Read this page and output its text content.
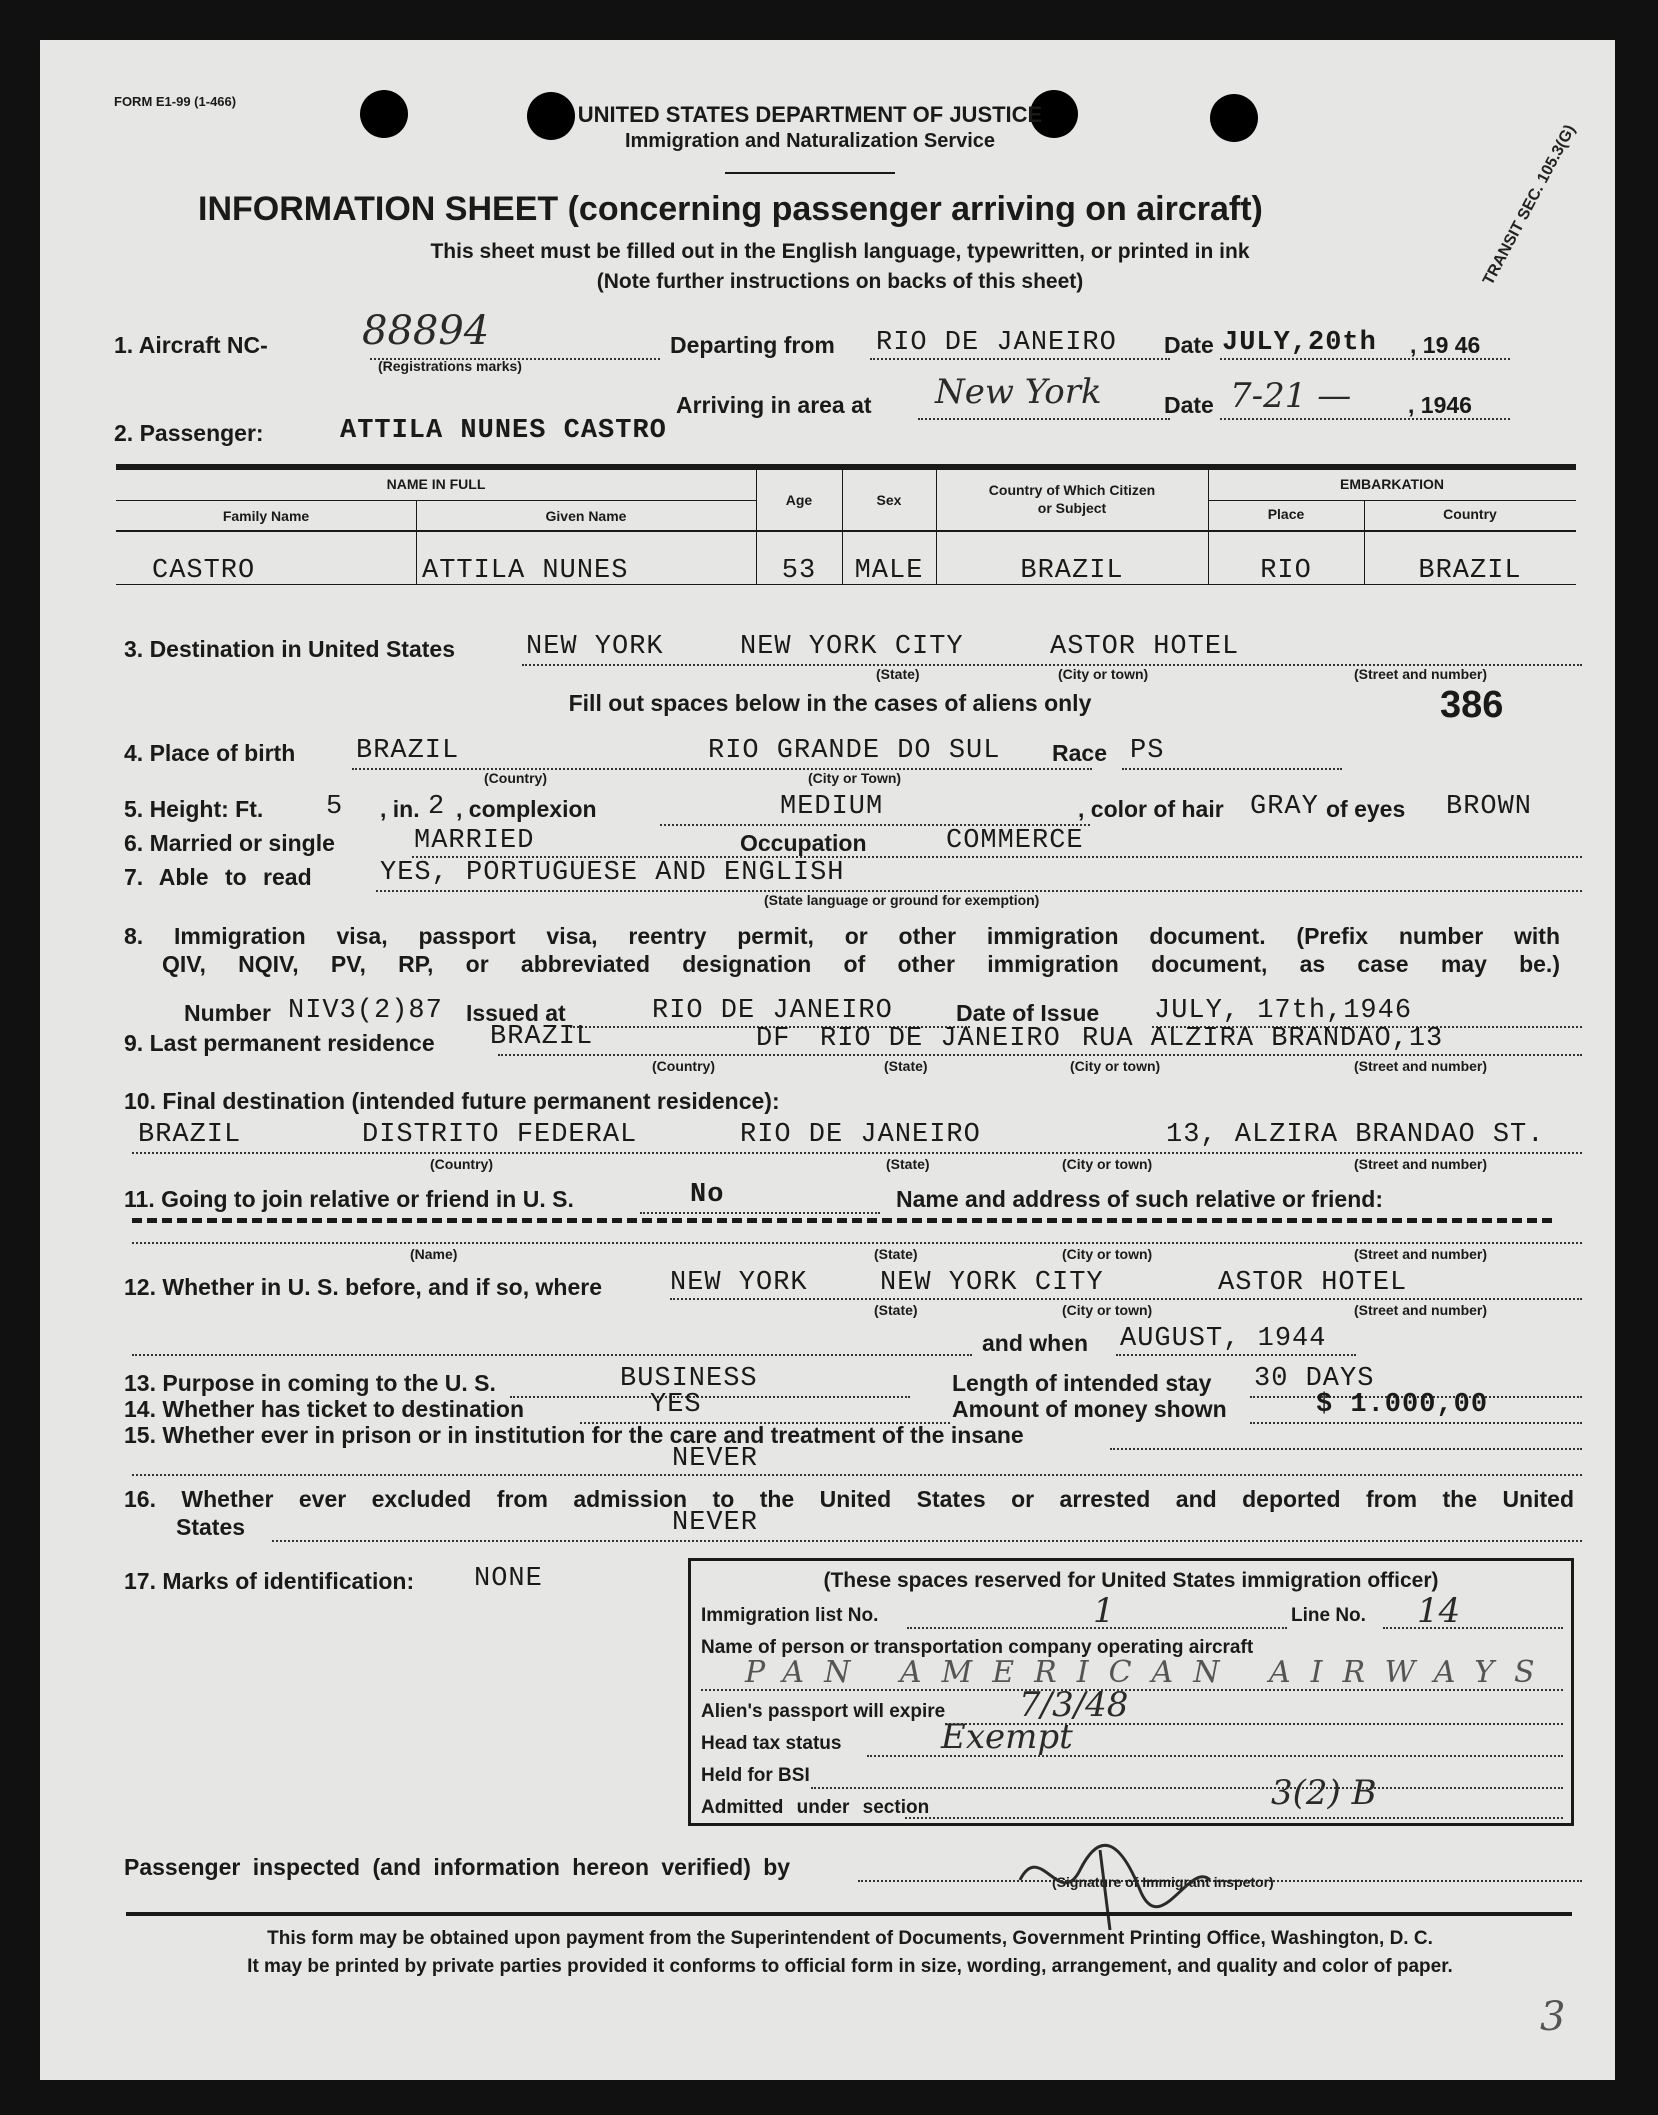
FORM E1-99 (1-466)
UNITED STATES DEPARTMENT OF JUSTICE
Immigration and Naturalization Service
INFORMATION SHEET (concerning passenger arriving on aircraft)
This sheet must be filled out in the English language, typewritten, or printed in ink
(Note further instructions on backs of this sheet)	TRANSIT SEC. 105.3(G)
1. Aircraft NC- 88894
(Registrations marks)
Departing from RIO DE JANEIRO Date JULY,20th , 19 46
Arriving in area at New York	Date 7-21 — , 1946
2. Passenger:	ATTILA NUNES CASTRO
NAME IN FULL
Family Name	Given Name
Age	Sex
Country of Which Citizen
or Subject
EMBARKATION
Place	Country
CASTRO	ATTILA NUNES	53	MALE	BRAZIL	RIO	BRAZIL
3. Destination in United States	NEW YORK	NEW YORK CITY	ASTOR HOTEL
(State)	(City or town)	(Street and number)
Fill out spaces below in the cases of aliens only	386
4. Place of birth BRAZIL	RIO GRANDE DO SUL
(Country)	(City or Town)
Race PS
5. Height: Ft. 5 , in. 2 , complexion	MEDIUM	, color of hair GRAY of eyes BROWN
6. Married or single	MARRIED	Occupation	COMMERCE
7. Able to read	YES, PORTUGUESE AND ENGLISH
(State language or ground for exemption)
8. Immigration visa, passport visa, reentry permit, or other immigration document. (Prefix number with
QIV, NQIV, PV, RP, or abbreviated designation of other immigration document, as case may be.)
Number NIV3(2)87 Issued at	RIO DE JANEIRO	Date of Issue JULY, 17th,1946
9. Last permanent residence BRAZIL	DF RIO DE JANEIRO RUA ALZIRA BRANDAO,13
(Country)	(State)	(City or town)	(Street and number)
10. Final destination (intended future permanent residence):
BRAZIL	DISTRITO FEDERAL	RIO DE JANEIRO	13, ALZIRA BRANDAO ST.
(Country)	(State)	(City or town)	(Street and number)
11. Going to join relative or friend in U. S.	No	Name and address of such relative or friend:
(Name)	(State)	(City or town)	(Street and number)
12. Whether in U. S. before, and if so, where	NEW YORK	NEW YORK CITY	ASTOR HOTEL
(State)	(City or town)	(Street and number)
and when AUGUST, 1944
13. Purpose in coming to the U. S.	BUSINESS	Length of intended stay 30 DAYS
14. Whether has ticket to destination	YES	Amount of money shown	$ 1.000,00
15. Whether ever in prison or in institution for the care and treatment of the insane
NEVER
16. Whether ever excluded from admission to the United States or arrested and deported from the United
States	NEVER
17. Marks of identification: NONE	(These spaces reserved for United States immigration officer)
Immigration list No.	1	Line No. 14
Name of person or transportation company operating aircraft
PAN AMERICAN AIRWAYS
Alien's passport will expire 7/3/48
Head tax status	Exempt
Held for BSI
Admitted under section	3(2) B
Passenger inspected (and information hereon verified) by
(Signature of Immigrant inspetor)
This form may be obtained upon payment from the Superintendent of Documents, Government Printing Office, Washington, D. C.
It may be printed by private parties provided it conforms to official form in size, wording, arrangement, and quality and color of paper.
3
